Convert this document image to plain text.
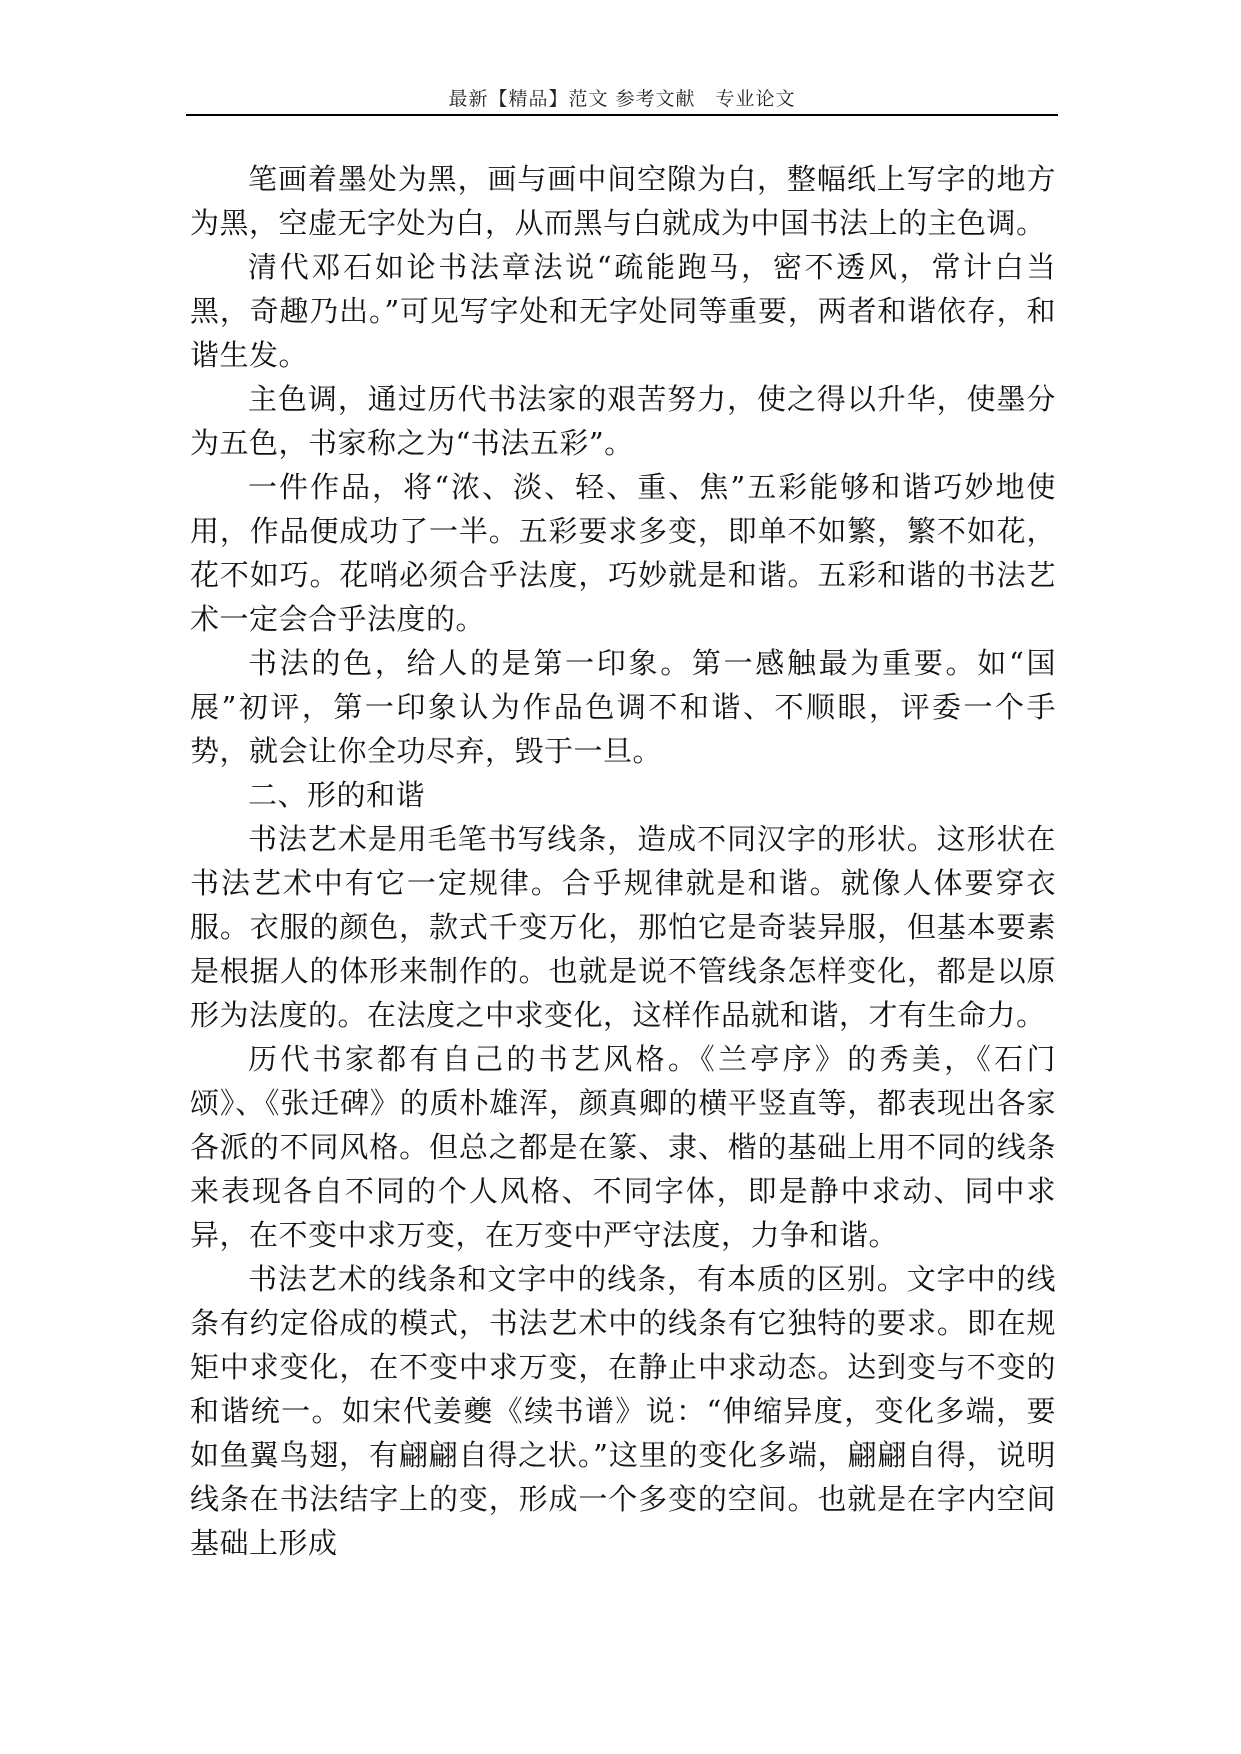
最新【精品】范文 参考文献　专业论文

笔画着墨处为黑，画与画中间空隙为白，整幅纸上写字的地方为黑，空虚无字处为白，从而黑与白就成为中国书法上的主色调。

清代邓石如论书法章法说“疏能跑马，密不透风，常计白当黑，奇趣乃出。”可见写字处和无字处同等重要，两者和谐依存，和谐生发。

主色调，通过历代书法家的艰苦努力，使之得以升华，使墨分为五色，书家称之为“书法五彩”。

一件作品，将“浓、淡、轻、重、焦”五彩能够和谐巧妙地使用，作品便成功了一半。五彩要求多变，即单不如繁，繁不如花，花不如巧。花哨必须合乎法度，巧妙就是和谐。五彩和谐的书法艺术一定会合乎法度的。

书法的色，给人的是第一印象。第一感触最为重要。如“国展”初评，第一印象认为作品色调不和谐、不顺眼，评委一个手势，就会让你全功尽弃，毁于一旦。

二、形的和谐

书法艺术是用毛笔书写线条，造成不同汉字的形状。这形状在书法艺术中有它一定规律。合乎规律就是和谐。就像人体要穿衣服。衣服的颜色，款式千变万化，那怕它是奇装异服，但基本要素是根据人的体形来制作的。也就是说不管线条怎样变化，都是以原形为法度的。在法度之中求变化，这样作品就和谐，才有生命力。

历代书家都有自己的书艺风格。《兰亭序》的秀美，《石门颂》、《张迁碑》的质朴雄浑，颜真卿的横平竖直等，都表现出各家各派的不同风格。但总之都是在篆、隶、楷的基础上用不同的线条来表现各自不同的个人风格、不同字体，即是静中求动、同中求异，在不变中求万变，在万变中严守法度，力争和谐。

书法艺术的线条和文字中的线条，有本质的区别。文字中的线条有约定俗成的模式，书法艺术中的线条有它独特的要求。即在规矩中求变化，在不变中求万变，在静止中求动态。达到变与不变的和谐统一。如宋代姜夔《续书谱》说：“伸缩异度，变化多端，要如鱼翼鸟翅，有翩翩自得之状。”这里的变化多端，翩翩自得，说明线条在书法结字上的变，形成一个多变的空间。也就是在字内空间基础上形成
